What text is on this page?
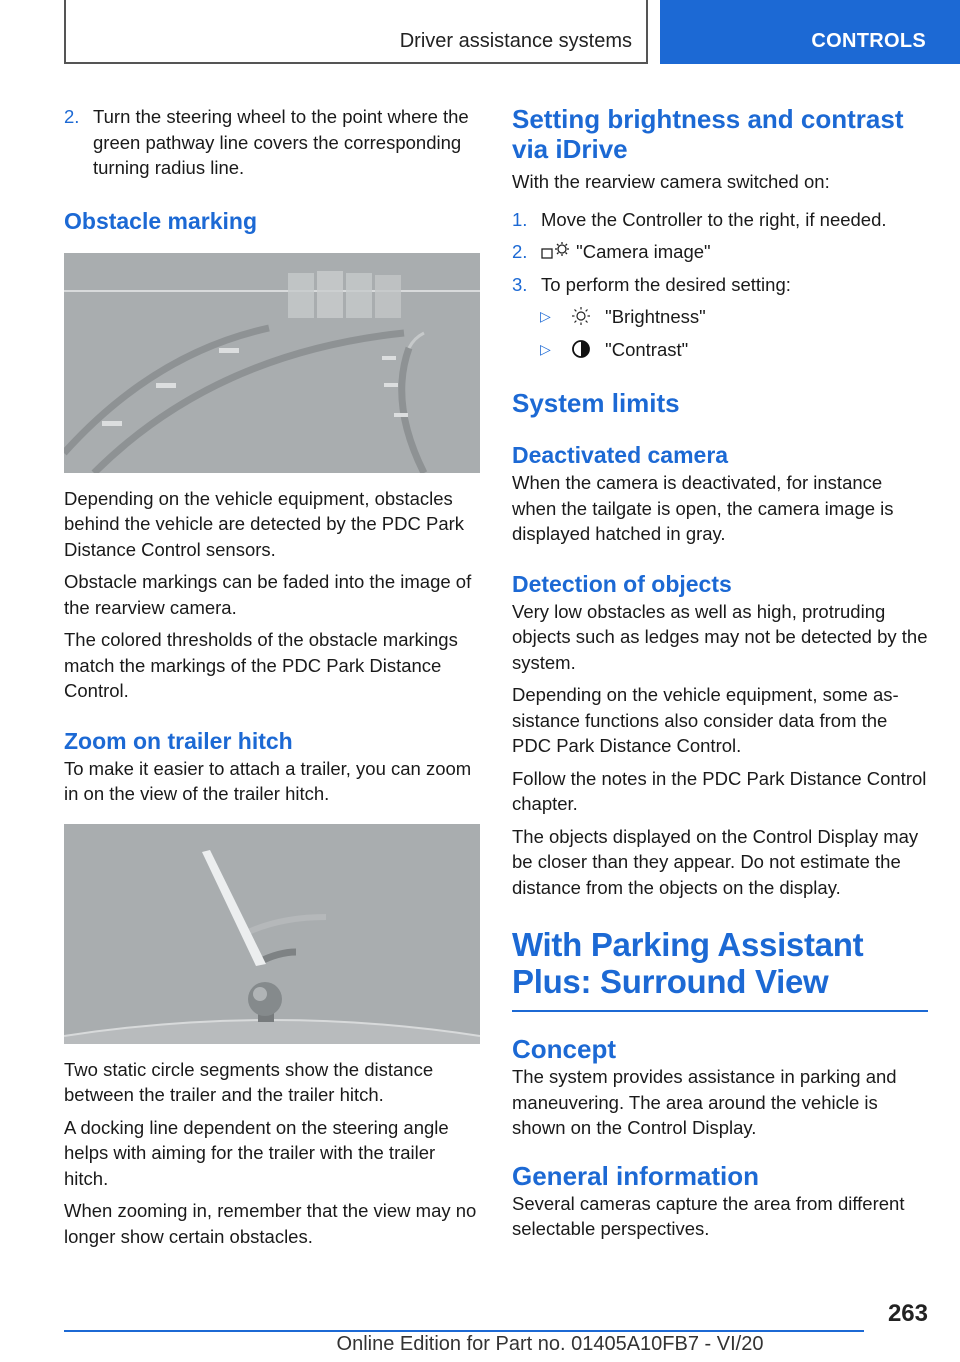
Driver assistance systems	CONTROLS
2. Turn the steering wheel to the point where the green pathway line covers the corresponding turning radius line.
Obstacle marking

Depending on the vehicle equipment, obstacles behind the vehicle are detected by the PDC Park Distance Control sensors.

Obstacle markings can be faded into the image of the rearview camera.

The colored thresholds of the obstacle markings match the markings of the PDC Park Distance Control.

Zoom on trailer hitch

To make it easier to attach a trailer, you can zoom in on the view of the trailer hitch.

Two static circle segments show the distance between the trailer and the trailer hitch.

A docking line dependent on the steering angle helps with aiming for the trailer with the trailer hitch.

When zooming in, remember that the view may no longer show certain obstacles.

Setting brightness and contrast via iDrive

With the rearview camera switched on:

1. Move the Controller to the right, if needed.
2.	"Camera image"
3. To perform the desired setting:
▷	"Brightness"
▷	"Contrast"
System limits
Deactivated camera

When the camera is deactivated, for instance when the tailgate is open, the camera image is displayed hatched in gray.

Detection of objects

Very low obstacles as well as high, protruding objects such as ledges may not be detected by the system.

Depending on the vehicle equipment, some assistance functions also consider data from the PDC Park Distance Control.

Follow the notes in the PDC Park Distance Control chapter.

The objects displayed on the Control Display may be closer than they appear. Do not estimate the distance from the objects on the display.

With Parking Assistant Plus: Surround View
Concept

The system provides assistance in parking and maneuvering. The area around the vehicle is shown on the Control Display.

General information

Several cameras capture the area from different selectable perspectives.

263
Online Edition for Part no. 01405A10FB7 - VI/20
